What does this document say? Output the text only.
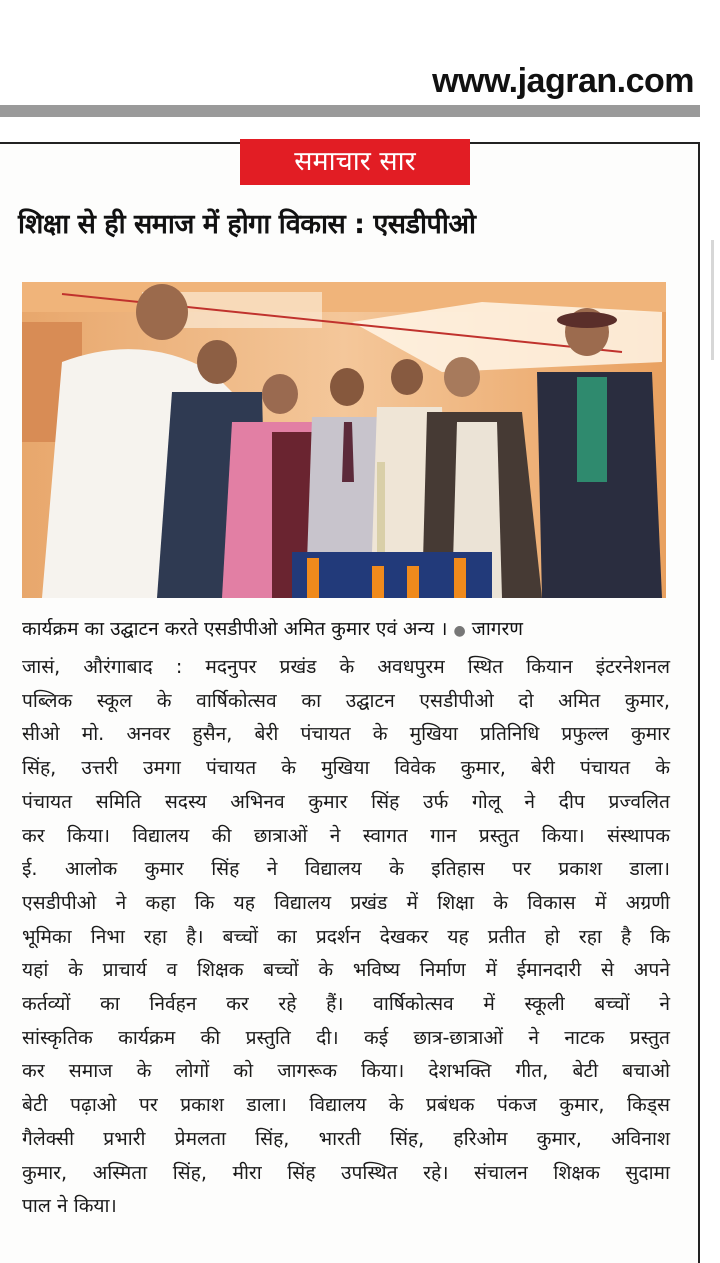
www.jagran.com
समाचार सार
शिक्षा से ही समाज में होगा विकास : एसडीपीओ
कार्यक्रम का उद्घाटन करते एसडीपीओ अमित कुमार एवं अन्य । ● जागरण
जासं, औरंगाबाद : मदनुपर प्रखंड के अवधपुरम स्थित कियान इंटरनेशनल
पब्लिक स्कूल के वार्षिकोत्सव का उद्घाटन एसडीपीओ दो अमित कुमार,
सीओ मो. अनवर हुसैन, बेरी पंचायत के मुखिया प्रतिनिधि प्रफुल्ल कुमार
सिंह, उत्तरी उमगा पंचायत के मुखिया विवेक कुमार, बेरी पंचायत के
पंचायत समिति सदस्य अभिनव कुमार सिंह उर्फ गोलू ने दीप प्रज्वलित
कर किया। विद्यालय की छात्राओं ने स्वागत गान प्रस्तुत किया। संस्थापक
ई. आलोक कुमार सिंह ने विद्यालय के इतिहास पर प्रकाश डाला।
एसडीपीओ ने कहा कि यह विद्यालय प्रखंड में शिक्षा के विकास में अग्रणी
भूमिका निभा रहा है। बच्चों का प्रदर्शन देखकर यह प्रतीत हो रहा है कि
यहां के प्राचार्य व शिक्षक बच्चों के भविष्य निर्माण में ईमानदारी से अपने
कर्तव्यों का निर्वहन कर रहे हैं। वार्षिकोत्सव में स्कूली बच्चों ने
सांस्कृतिक कार्यक्रम की प्रस्तुति दी। कई छात्र-छात्राओं ने नाटक प्रस्तुत
कर समाज के लोगों को जागरूक किया। देशभक्ति गीत, बेटी बचाओ
बेटी पढ़ाओ पर प्रकाश डाला। विद्यालय के प्रबंधक पंकज कुमार, किड्स
गैलेक्सी प्रभारी प्रेमलता सिंह, भारती सिंह, हरिओम कुमार, अविनाश
कुमार, अस्मिता सिंह, मीरा सिंह उपस्थित रहे। संचालन शिक्षक सुदामा
पाल ने किया।
